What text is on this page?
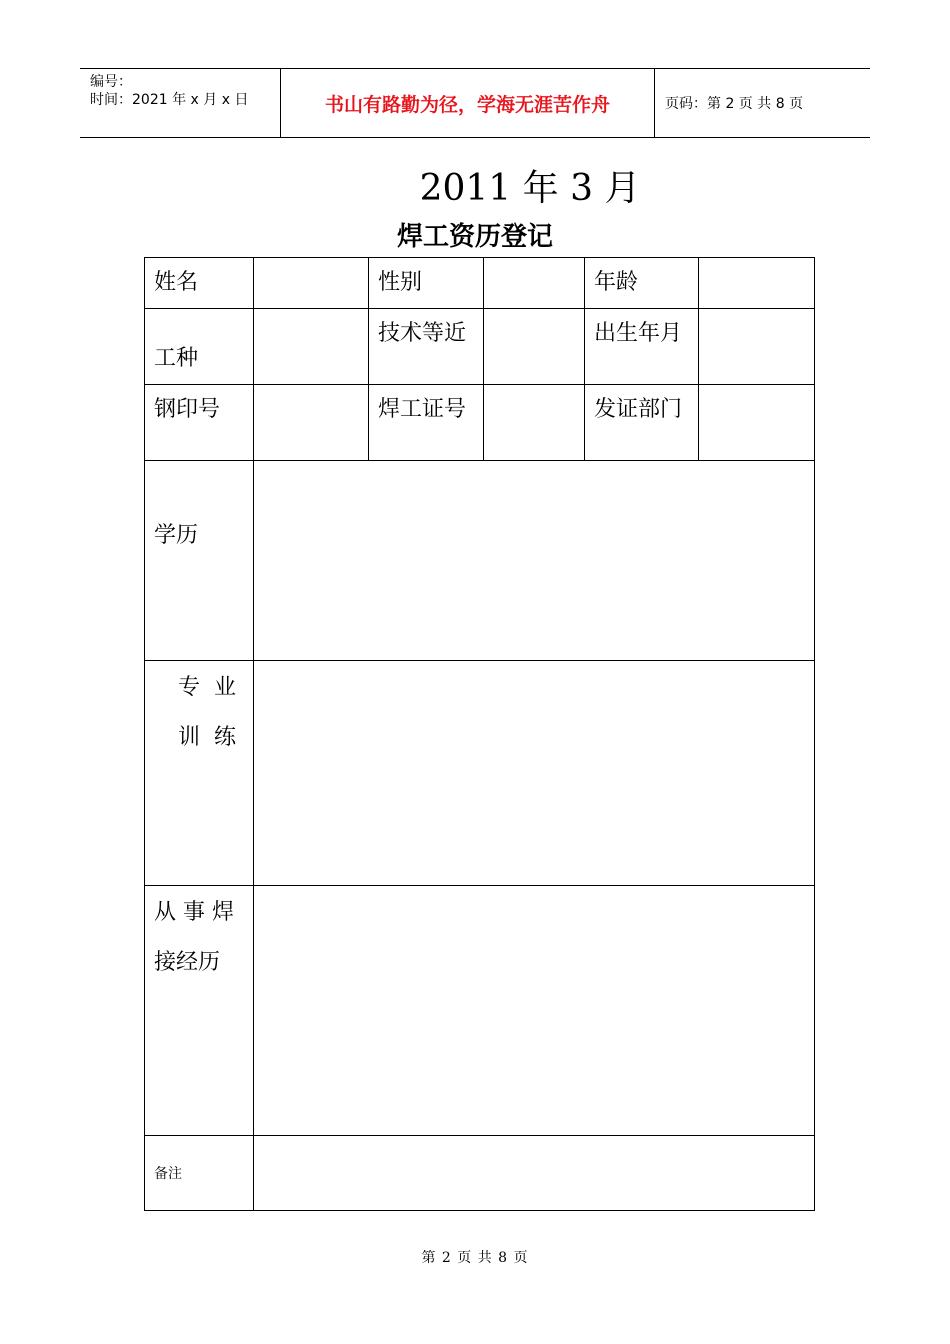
编号：
时间：2021 年 x 月 x 日	书山有路勤为径，学海无涯苦作舟	页码：第 2 页 共 8 页
2011 年 3 月
焊工资历登记
姓名		性别		年龄	

工种		技术等近		出生年月	

钢印号		焊工证号		发证部门	

学历					

专  业
训  练					

从 事 焊
接经历					

备注					
第 2 页 共 8 页
